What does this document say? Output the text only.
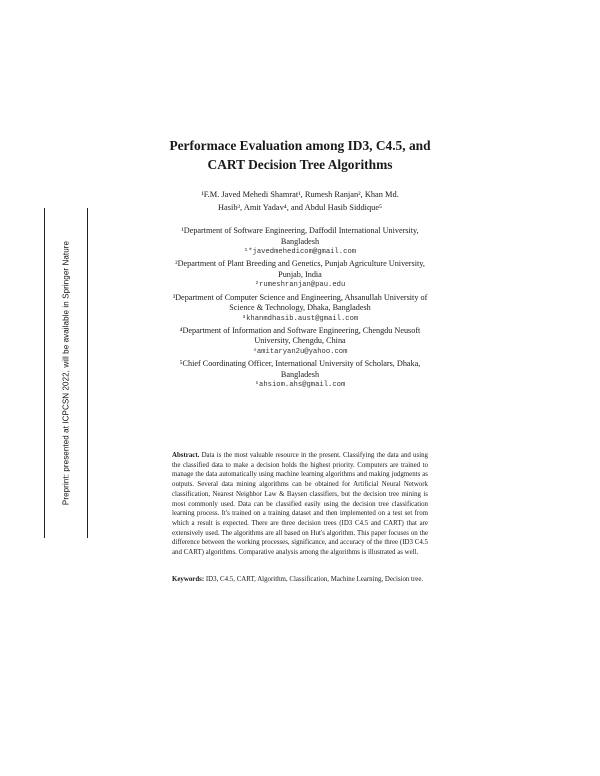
Preprint: presented at ICPCSN 2022, will be available in Springer Nature
Performace Evaluation among ID3, C4.5, and
CART Decision Tree Algorithms
¹F.M. Javed Mehedi Shamrat¹, Rumesh Ranjan², Khan Md.
Hasib³, Amit Yadav⁴, and Abdul Hasib Siddique⁵
¹Department of Software Engineering, Daffodil International University,
Bangladesh
¹*javedmehedicom@gmail.com
²Department of Plant Breeding and Genetics, Punjab Agriculture University,
Punjab, India
²rumeshranjan@pau.edu
³Department of Computer Science and Engineering, Ahsanullah University of
Science & Technology, Dhaka, Bangladesh
³khanmdhasib.aust@gmail.com
⁴Department of Information and Software Engineering, Chengdu Neusoft
University, Chengdu, China
⁴amitaryan2u@yahoo.com
⁵Chief Coordinating Officer, International University of Scholars, Dhaka,
Bangladesh
⁵ahsiom.ahs@gmail.com
Abstract. Data is the most valuable resource in the present. Classifying the data and using the classified data to make a decision holds the highest priority. Computers are trained to manage the data automatically using machine learning algorithms and making judgments as outputs. Several data mining algorithms can be obtained for Artificial Neural Network classification, Nearest Neighbor Law & Baysen classifiers, but the decision tree mining is most commonly used. Data can be classified easily using the decision tree classification learning process. It's trained on a training dataset and then implemented on a test set from which a result is expected. There are three decision trees (ID3 C4.5 and CART) that are extensively used. The algorithms are all based on Hut's algorithm. This paper focuses on the difference between the working processes, significance, and accuracy of the three (ID3 C4.5 and CART) algorithms. Comparative analysis among the algorithms is illustrated as well.
Keywords: ID3, C4.5, CART, Algorithm, Classification, Machine Learning, Decision tree.
